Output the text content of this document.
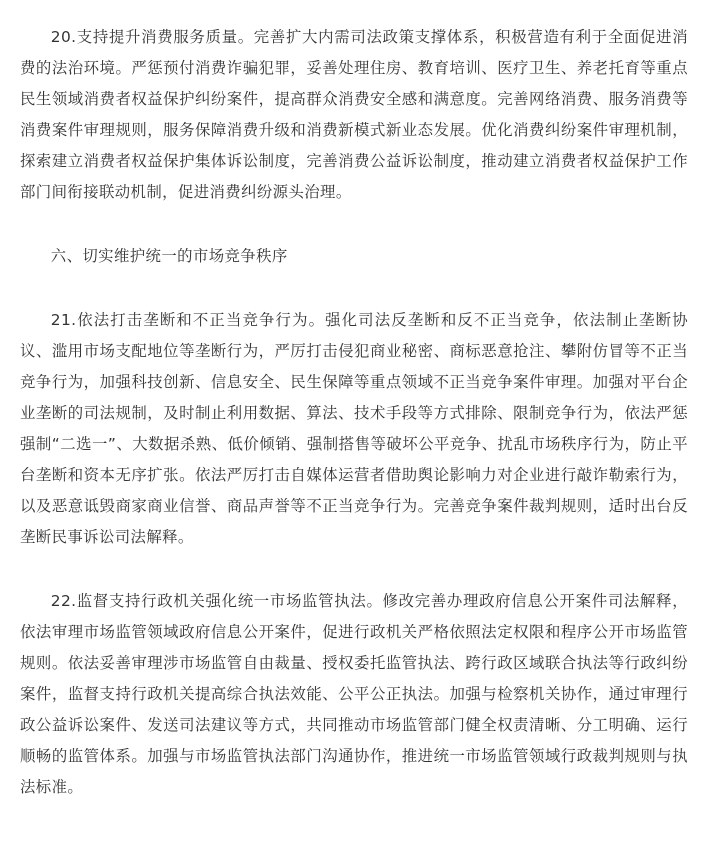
20.支持提升消费服务质量。完善扩大内需司法政策支撑体系，积极营造有利于全面促进消费的法治环境。严惩预付消费诈骗犯罪，妥善处理住房、教育培训、医疗卫生、养老托育等重点民生领域消费者权益保护纠纷案件，提高群众消费安全感和满意度。完善网络消费、服务消费等消费案件审理规则，服务保障消费升级和消费新模式新业态发展。优化消费纠纷案件审理机制，探索建立消费者权益保护集体诉讼制度，完善消费公益诉讼制度，推动建立消费者权益保护工作部门间衔接联动机制，促进消费纠纷源头治理。

六、切实维护统一的市场竞争秩序

21.依法打击垄断和不正当竞争行为。强化司法反垄断和反不正当竞争，依法制止垄断协议、滥用市场支配地位等垄断行为，严厉打击侵犯商业秘密、商标恶意抢注、攀附仿冒等不正当竞争行为，加强科技创新、信息安全、民生保障等重点领域不正当竞争案件审理。加强对平台企业垄断的司法规制，及时制止利用数据、算法、技术手段等方式排除、限制竞争行为，依法严惩强制“二选一”、大数据杀熟、低价倾销、强制搭售等破坏公平竞争、扰乱市场秩序行为，防止平台垄断和资本无序扩张。依法严厉打击自媒体运营者借助舆论影响力对企业进行敲诈勒索行为，以及恶意诋毁商家商业信誉、商品声誉等不正当竞争行为。完善竞争案件裁判规则，适时出台反垄断民事诉讼司法解释。

22.监督支持行政机关强化统一市场监管执法。修改完善办理政府信息公开案件司法解释，依法审理市场监管领域政府信息公开案件，促进行政机关严格依照法定权限和程序公开市场监管规则。依法妥善审理涉市场监管自由裁量、授权委托监管执法、跨行政区域联合执法等行政纠纷案件，监督支持行政机关提高综合执法效能、公平公正执法。加强与检察机关协作，通过审理行政公益诉讼案件、发送司法建议等方式，共同推动市场监管部门健全权责清晰、分工明确、运行顺畅的监管体系。加强与市场监管执法部门沟通协作，推进统一市场监管领域行政裁判规则与执法标准。
